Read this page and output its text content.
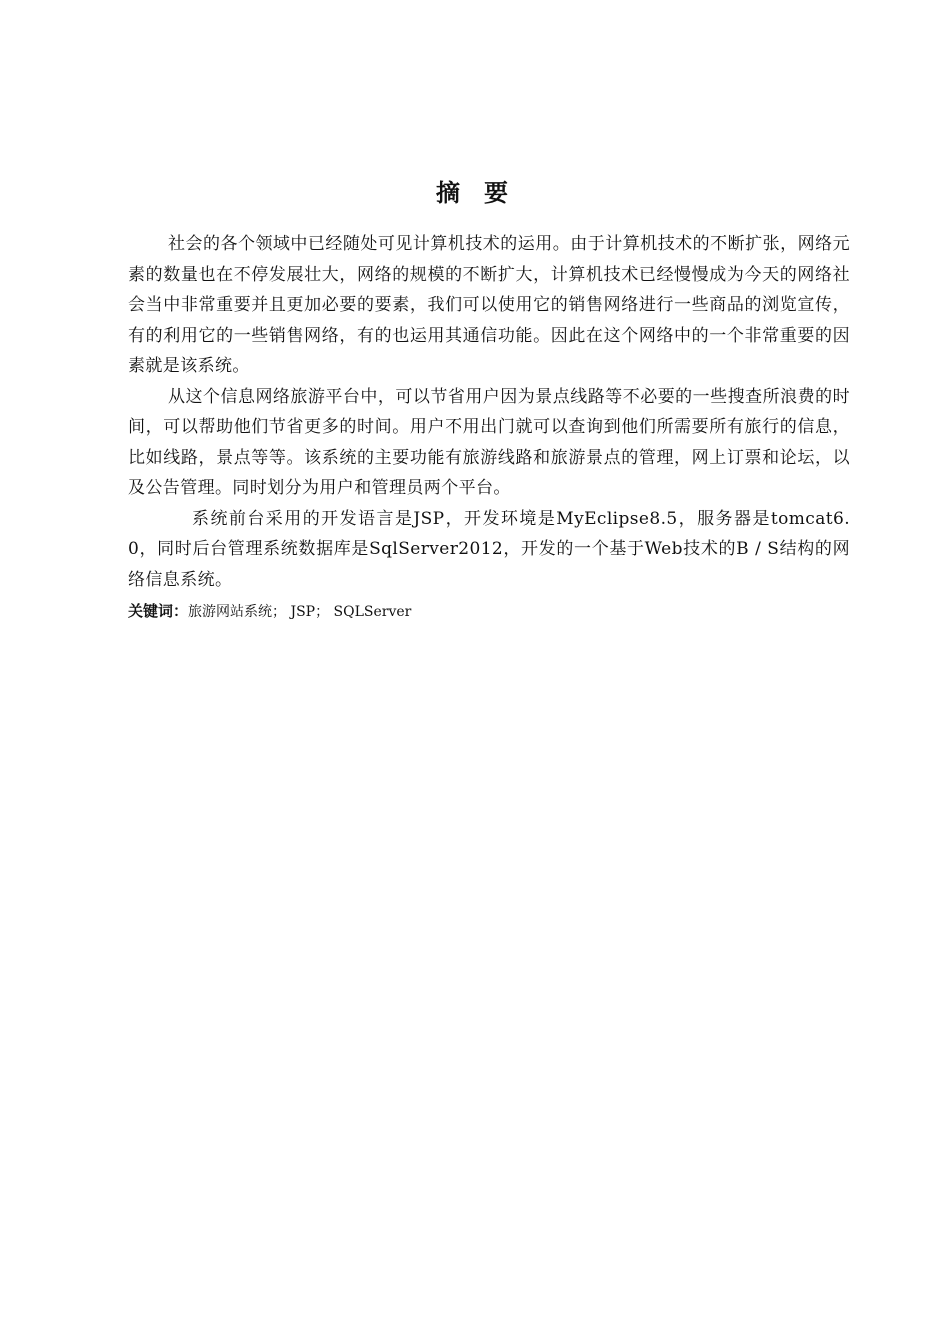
摘要

社会的各个领域中已经随处可见计算机技术的运用。由于计算机技术的不断扩张，网络元素的数量也在不停发展壮大，网络的规模的不断扩大，计算机技术已经慢慢成为今天的网络社会当中非常重要并且更加必要的要素，我们可以使用它的销售网络进行一些商品的浏览宣传，有的利用它的一些销售网络，有的也运用其通信功能。因此在这个网络中的一个非常重要的因素就是该系统。

从这个信息网络旅游平台中，可以节省用户因为景点线路等不必要的一些搜查所浪费的时间，可以帮助他们节省更多的时间。用户不用出门就可以查询到他们所需要所有旅行的信息，比如线路，景点等等。该系统的主要功能有旅游线路和旅游景点的管理，网上订票和论坛，以及公告管理。同时划分为用户和管理员两个平台。

系统前台采用的开发语言是JSP，开发环境是MyEclipse8.5，服务器是tomcat6.0，同时后台管理系统数据库是SqlServer2012，开发的一个基于Web技术的B / S结构的网络信息系统。

关键词：旅游网站系统； JSP； SQLServer
